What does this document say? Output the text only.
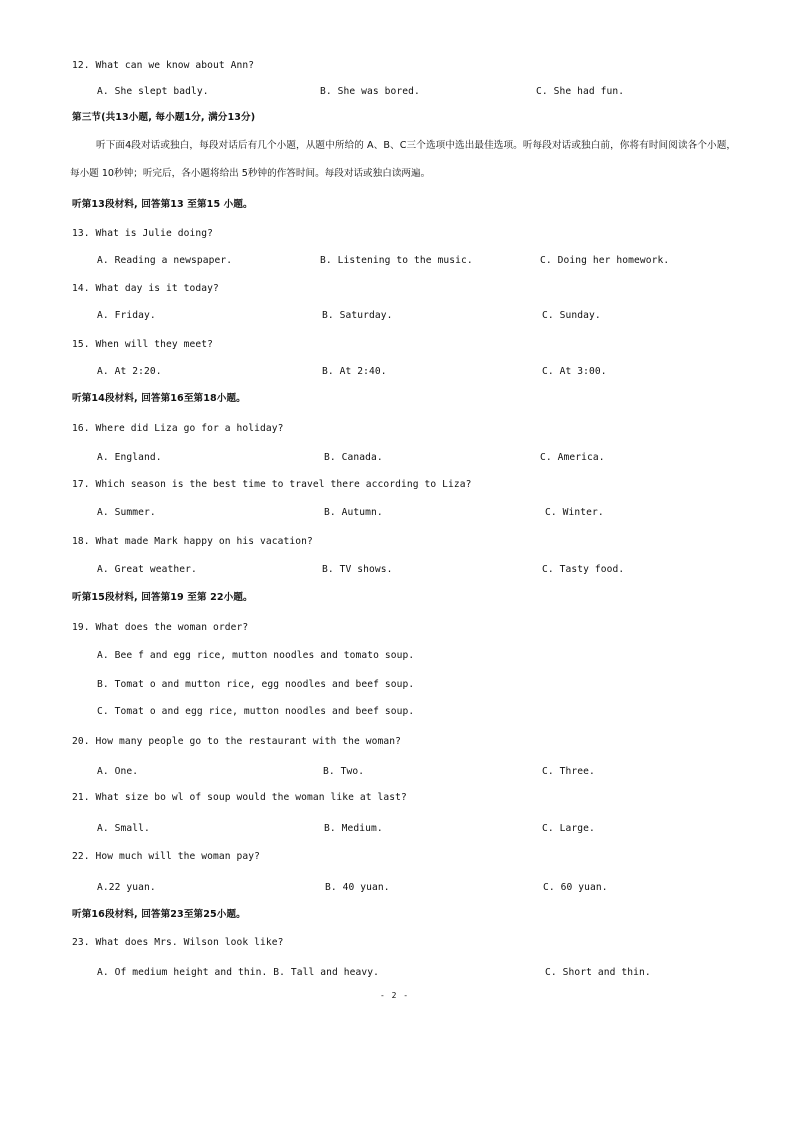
12. What can we know about Ann?
A. She slept badly.	B. She was bored.	C. She had fun.
第三节(共13小题, 每小题1分, 满分13分)
听下面4段对话或独白，每段对话后有几个小题，从题中所给的 A、B、C三个选项中选出最佳选项。听每段对话或独白前，你将有时间阅读各个小题，每小题 10秒钟；听完后，各小题将给出 5秒钟的作答时间。每段对话或独白读两遍。
听第13段材料, 回答第13 至第15 小题。
13. What is Julie doing?
A. Reading a newspaper.	B. Listening to the music.	C. Doing her homework.
14. What day is it today?
A. Friday.	B. Saturday.	C. Sunday.
15. When will they meet?
A. At 2:20.	B. At 2:40.	C. At 3:00.
听第14段材料, 回答第16至第18小题。
16. Where did Liza go for a holiday?
A. England.	B. Canada.	C. America.
17. Which season is the best time to travel there according to Liza?
A. Summer.	B. Autumn.	C. Winter.
18. What made Mark happy on his vacation?
A. Great weather.	B. TV shows.	C. Tasty food.
听第15段材料, 回答第19 至第 22小题。
19. What does the woman order?
A. Bee f and egg rice, mutton noodles and tomato soup.
B. Tomat o and mutton rice, egg noodles and beef soup.
C. Tomat o and egg rice, mutton noodles and beef soup.
20. How many people go to the restaurant with the woman?
A. One.	B. Two.	C. Three.
21. What size bo wl of soup would the woman like at last?
A. Small.	B. Medium.	C. Large.
22. How much will the woman pay?
A.22 yuan.	B. 40 yuan.	C. 60 yuan.
听第16段材料, 回答第23至第25小题。
23. What does Mrs. Wilson look like?
A. Of medium height and thin. B. Tall and heavy.	C. Short and thin.
- 2 -
